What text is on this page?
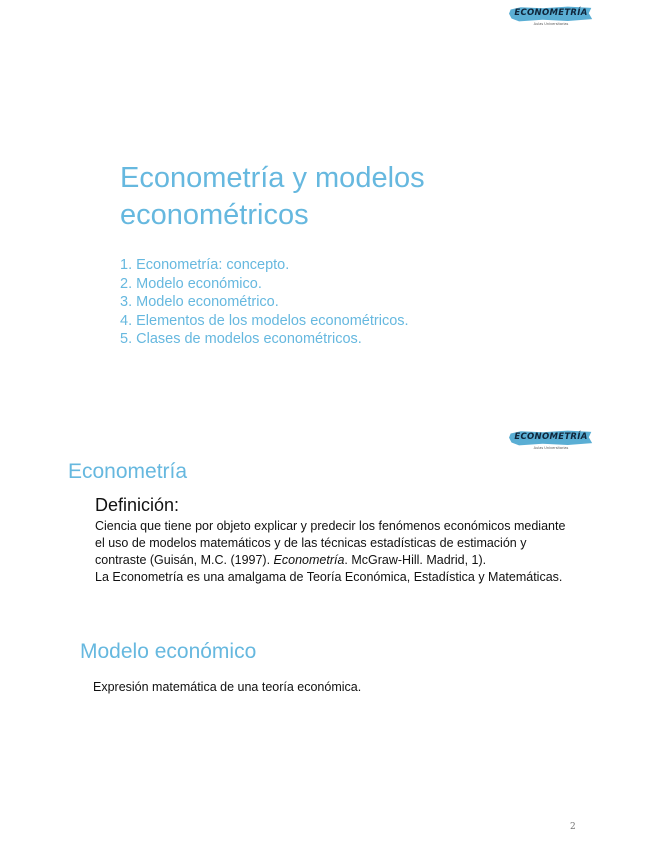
ECONOMETRÍA
Aulas Universitarias
Econometría y modelos econométricos
1. Econometría: concepto.
2. Modelo económico.
3. Modelo econométrico.
4. Elementos de los modelos econométricos.
5. Clases de modelos econométricos.
ECONOMETRÍA
Aulas Universitarias
Econometría
Definición:

Ciencia que tiene por objeto explicar y predecir los fenómenos económicos mediante el uso de modelos matemáticos y de las técnicas estadísticas de estimación y contraste (Guisán, M.C. (1997). Econometría. McGraw-Hill. Madrid, 1).

La Econometría es una amalgama de Teoría Económica, Estadística y Matemáticas.

Modelo económico

Expresión matemática de una teoría económica.

2
